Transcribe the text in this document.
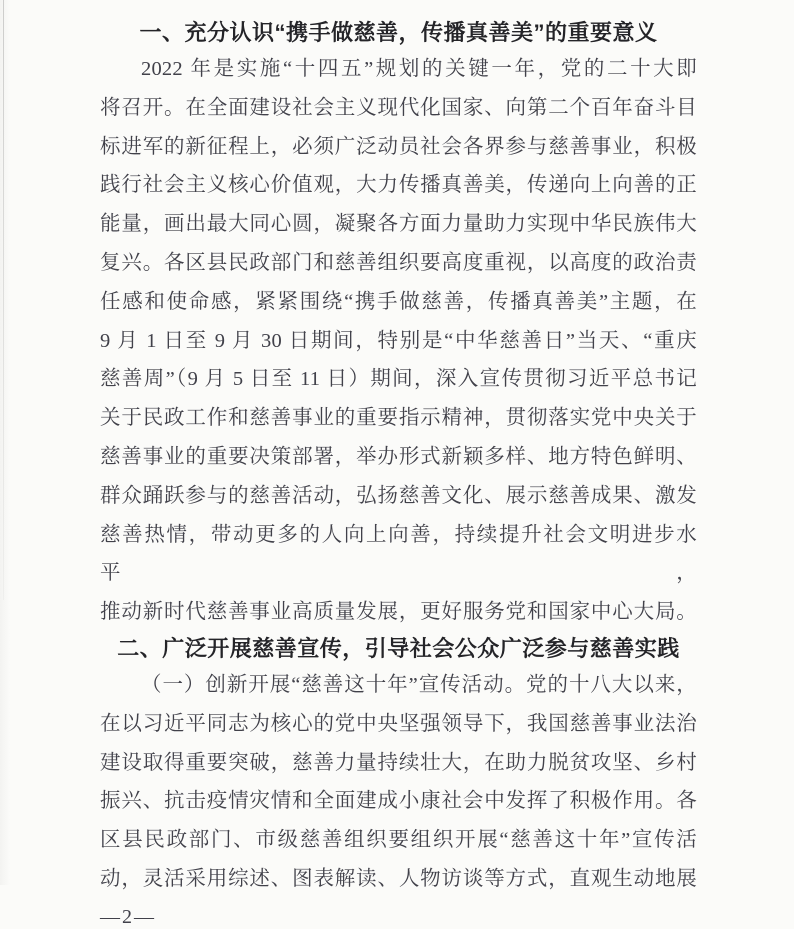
一、充分认识“携手做慈善，传播真善美”的重要意义

2022 年是实施“十四五”规划的关键一年，党的二十大即

将召开。在全面建设社会主义现代化国家、向第二个百年奋斗目

标进军的新征程上，必须广泛动员社会各界参与慈善事业，积极

践行社会主义核心价值观，大力传播真善美，传递向上向善的正

能量，画出最大同心圆，凝聚各方面力量助力实现中华民族伟大

复兴。各区县民政部门和慈善组织要高度重视，以高度的政治责

任感和使命感，紧紧围绕“携手做慈善，传播真善美”主题，在

9 月 1 日至 9 月 30 日期间，特别是“中华慈善日”当天、“重庆

慈善周”（9 月 5 日至 11 日）期间，深入宣传贯彻习近平总书记

关于民政工作和慈善事业的重要指示精神，贯彻落实党中央关于

慈善事业的重要决策部署，举办形式新颖多样、地方特色鲜明、

群众踊跃参与的慈善活动，弘扬慈善文化、展示慈善成果、激发

慈善热情，带动更多的人向上向善，持续提升社会文明进步水平，

推动新时代慈善事业高质量发展，更好服务党和国家中心大局。

二、广泛开展慈善宣传，引导社会公众广泛参与慈善实践

（一）创新开展“慈善这十年”宣传活动。党的十八大以来，

在以习近平同志为核心的党中央坚强领导下，我国慈善事业法治

建设取得重要突破，慈善力量持续壮大，在助力脱贫攻坚、乡村

振兴、抗击疫情灾情和全面建成小康社会中发挥了积极作用。各

区县民政部门、市级慈善组织要组织开展“慈善这十年”宣传活

动，灵活采用综述、图表解读、人物访谈等方式，直观生动地展

—2—
